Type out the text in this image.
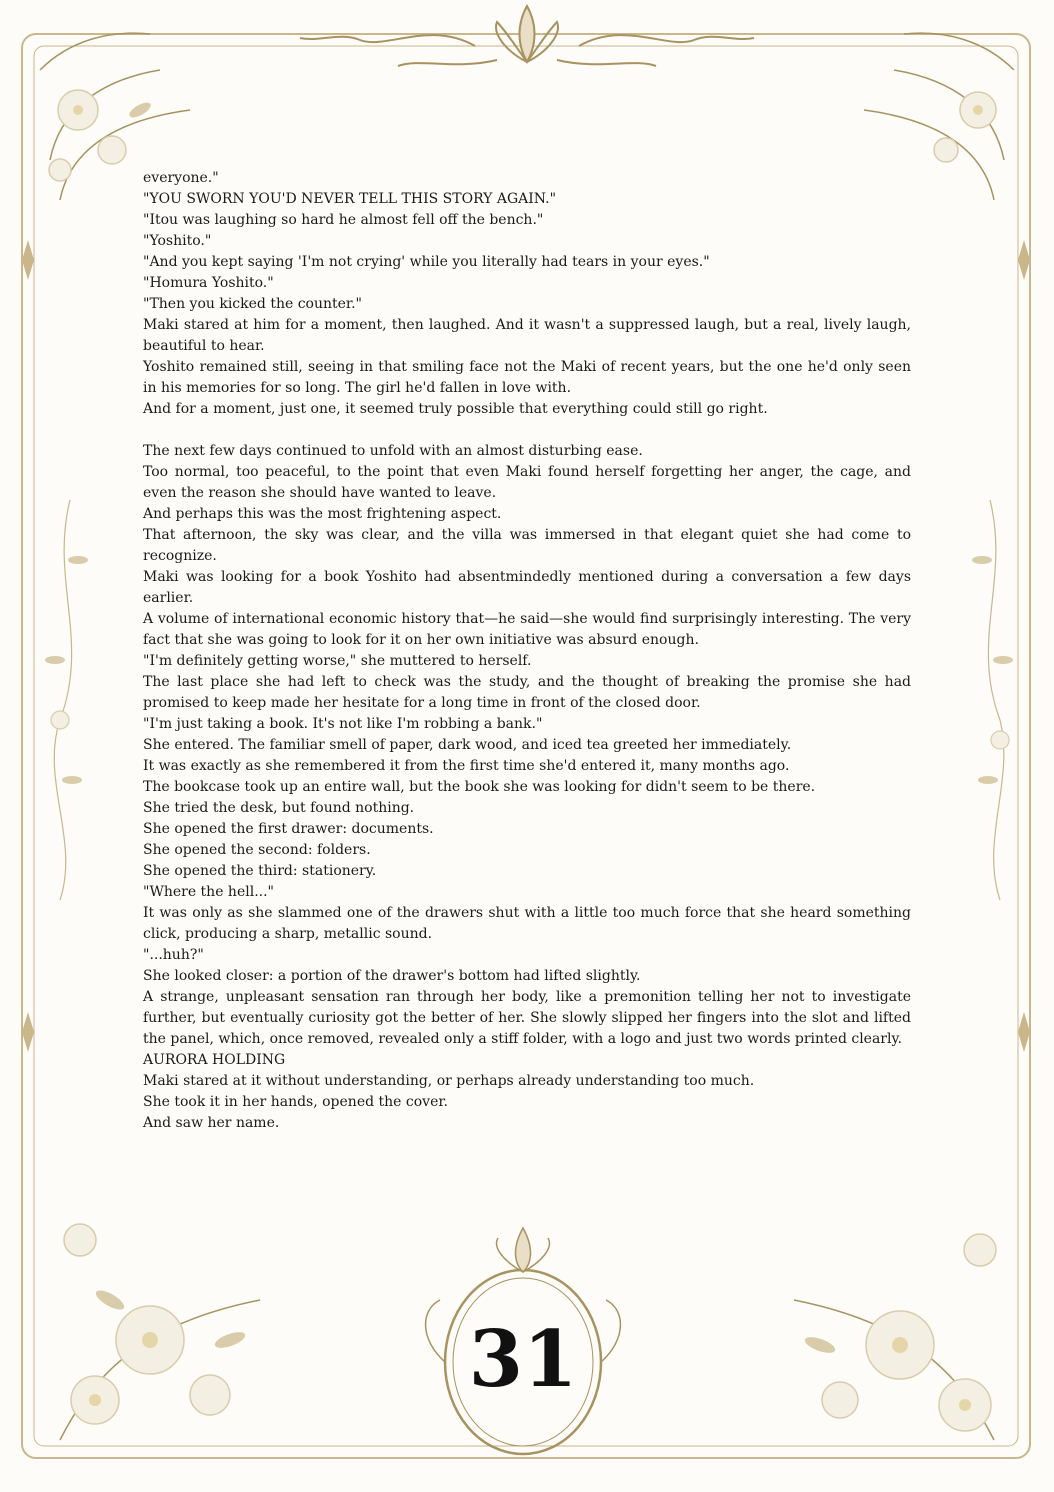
everyone."

"YOU SWORN YOU'D NEVER TELL THIS STORY AGAIN."

"Itou was laughing so hard he almost fell off the bench."

"Yoshito."

"And you kept saying 'I'm not crying' while you literally had tears in your eyes."

"Homura Yoshito."

"Then you kicked the counter."

Maki stared at him for a moment, then laughed. And it wasn't a suppressed laugh, but a real, lively laugh, beautiful to hear.

Yoshito remained still, seeing in that smiling face not the Maki of recent years, but the one he'd only seen in his memories for so long. The girl he'd fallen in love with.

And for a moment, just one, it seemed truly possible that everything could still go right.

The next few days continued to unfold with an almost disturbing ease.

Too normal, too peaceful, to the point that even Maki found herself forgetting her anger, the cage, and even the reason she should have wanted to leave.

And perhaps this was the most frightening aspect.

That afternoon, the sky was clear, and the villa was immersed in that elegant quiet she had come to recognize.

Maki was looking for a book Yoshito had absentmindedly mentioned during a conversation a few days earlier.

A volume of international economic history that—he said—she would find surprisingly interesting. The very fact that she was going to look for it on her own initiative was absurd enough.

"I'm definitely getting worse," she muttered to herself.

The last place she had left to check was the study, and the thought of breaking the promise she had promised to keep made her hesitate for a long time in front of the closed door.

"I'm just taking a book. It's not like I'm robbing a bank."

She entered. The familiar smell of paper, dark wood, and iced tea greeted her immediately.

It was exactly as she remembered it from the first time she'd entered it, many months ago.

The bookcase took up an entire wall, but the book she was looking for didn't seem to be there.

She tried the desk, but found nothing.

She opened the first drawer: documents.

She opened the second: folders.

She opened the third: stationery.

"Where the hell..."

It was only as she slammed one of the drawers shut with a little too much force that she heard something click, producing a sharp, metallic sound.

"...huh?"

She looked closer: a portion of the drawer's bottom had lifted slightly.

A strange, unpleasant sensation ran through her body, like a premonition telling her not to investigate further, but eventually curiosity got the better of her. She slowly slipped her fingers into the slot and lifted the panel, which, once removed, revealed only a stiff folder, with a logo and just two words printed clearly.

AURORA HOLDING

Maki stared at it without understanding, or perhaps already understanding too much.

She took it in her hands, opened the cover.

And saw her name.

31
